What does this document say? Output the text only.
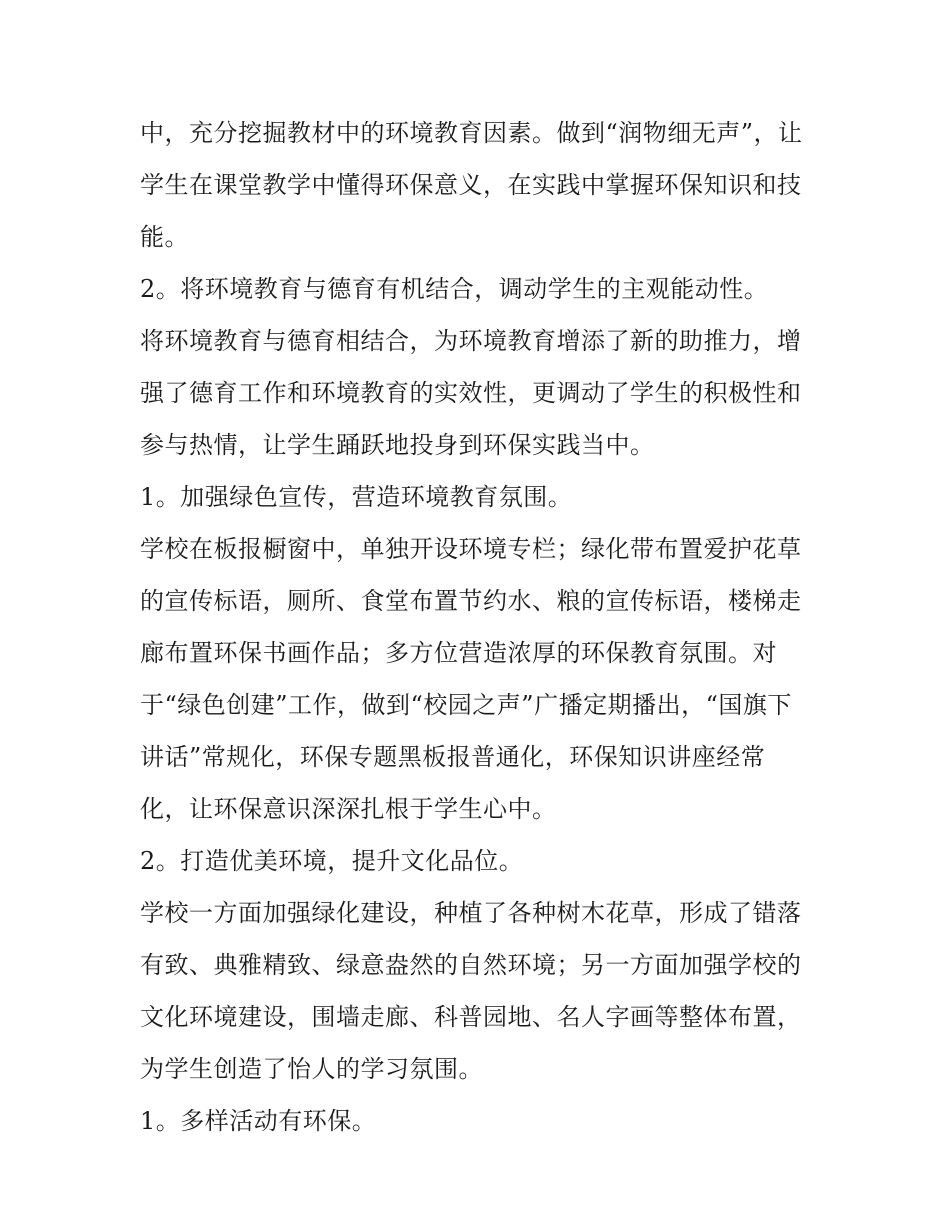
中，充分挖掘教材中的环境教育因素。做到“润物细无声”，让
学生在课堂教学中懂得环保意义，在实践中掌握环保知识和技
能。
2。将环境教育与德育有机结合，调动学生的主观能动性。
将环境教育与德育相结合，为环境教育增添了新的助推力，增
强了德育工作和环境教育的实效性，更调动了学生的积极性和
参与热情，让学生踊跃地投身到环保实践当中。
1。加强绿色宣传，营造环境教育氛围。
学校在板报橱窗中，单独开设环境专栏；绿化带布置爱护花草
的宣传标语，厕所、食堂布置节约水、粮的宣传标语，楼梯走
廊布置环保书画作品；多方位营造浓厚的环保教育氛围。对
于“绿色创建”工作，做到“校园之声”广播定期播出，“国旗下
讲话”常规化，环保专题黑板报普通化，环保知识讲座经常
化，让环保意识深深扎根于学生心中。
2。打造优美环境，提升文化品位。
学校一方面加强绿化建设，种植了各种树木花草，形成了错落
有致、典雅精致、绿意盎然的自然环境；另一方面加强学校的
文化环境建设，围墙走廊、科普园地、名人字画等整体布置，
为学生创造了怡人的学习氛围。
1。多样活动有环保。
